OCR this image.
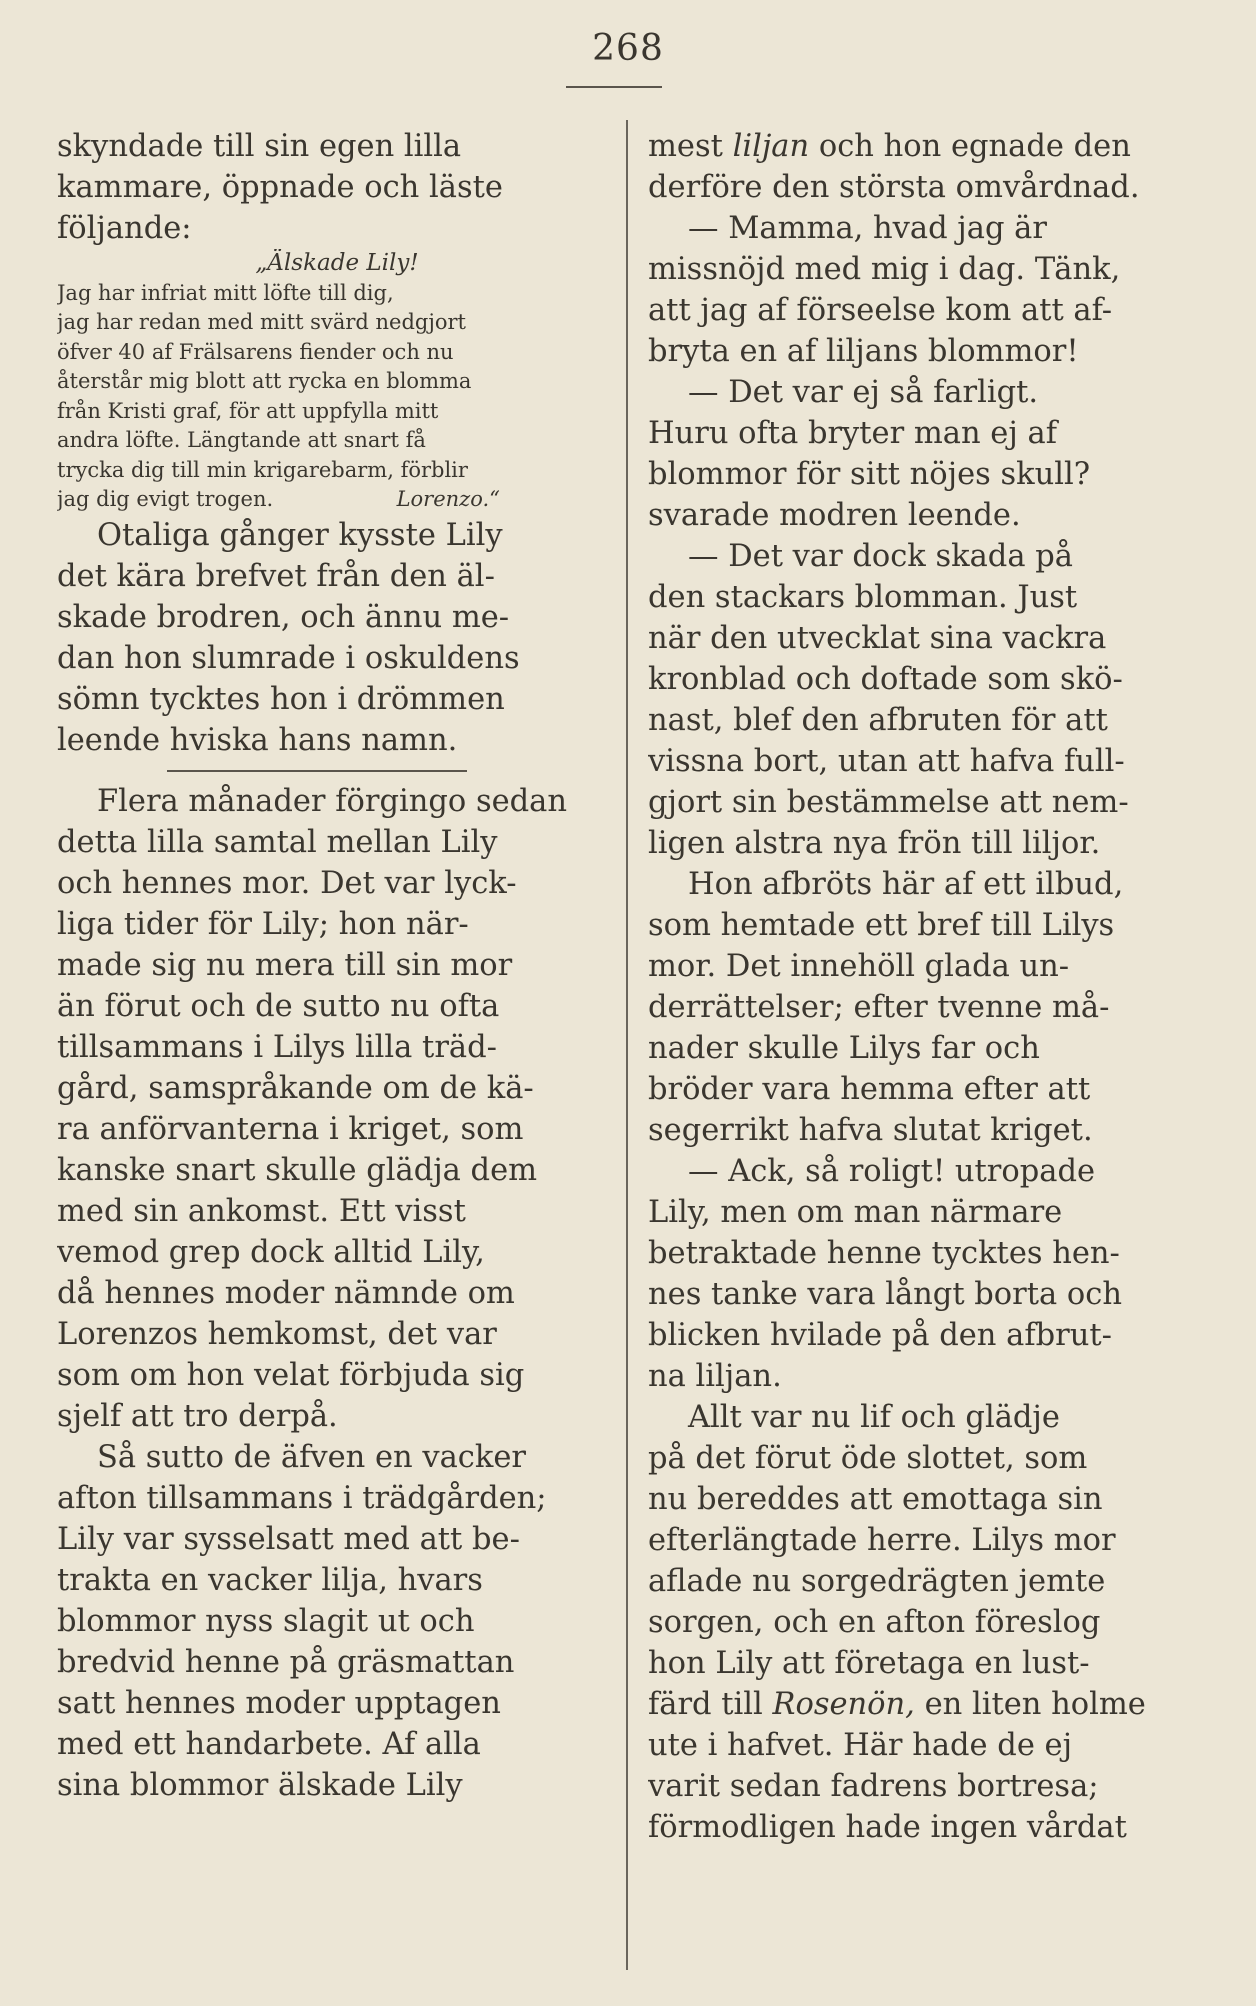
268
skyndade till sin egen lilla
kammare, öppnade och läste
följande:
„Älskade Lily!
Jag har infriat mitt löfte till dig,
jag har redan med mitt svärd nedgjort
öfver 40 af Frälsarens fiender och nu
återstår mig blott att rycka en blomma
från Kristi graf, för att uppfylla mitt
andra löfte. Längtande att snart få
trycka dig till min krigarebarm, förblir
jag dig evigt trogen.	Lorenzo.“
Otaliga gånger kysste Lily
det kära brefvet från den äl-
skade brodren, och ännu me-
dan hon slumrade i oskuldens
sömn tycktes hon i drömmen
leende hviska hans namn.
Flera månader förgingo sedan
detta lilla samtal mellan Lily
och hennes mor. Det var lyck-
liga tider för Lily; hon när-
made sig nu mera till sin mor
än förut och de sutto nu ofta
tillsammans i Lilys lilla träd-
gård, samspråkande om de kä-
ra anförvanterna i kriget, som
kanske snart skulle glädja dem
med sin ankomst. Ett visst
vemod grep dock alltid Lily,
då hennes moder nämnde om
Lorenzos hemkomst, det var
som om hon velat förbjuda sig
sjelf att tro derpå.
Så sutto de äfven en vacker
afton tillsammans i trädgården;
Lily var sysselsatt med att be-
trakta en vacker lilja, hvars
blommor nyss slagit ut och
bredvid henne på gräsmattan
satt hennes moder upptagen
med ett handarbete. Af alla
sina blommor älskade Lily
mest liljan och hon egnade den
derföre den största omvårdnad.
— Mamma, hvad jag är
missnöjd med mig i dag. Tänk,
att jag af förseelse kom att af-
bryta en af liljans blommor!
— Det var ej så farligt.
Huru ofta bryter man ej af
blommor för sitt nöjes skull?
svarade modren leende.
— Det var dock skada på
den stackars blomman. Just
när den utvecklat sina vackra
kronblad och doftade som skö-
nast, blef den afbruten för att
vissna bort, utan att hafva full-
gjort sin bestämmelse att nem-
ligen alstra nya frön till liljor.
Hon afbröts här af ett ilbud,
som hemtade ett bref till Lilys
mor. Det innehöll glada un-
derrättelser; efter tvenne må-
nader skulle Lilys far och
bröder vara hemma efter att
segerrikt hafva slutat kriget.
— Ack, så roligt! utropade
Lily, men om man närmare
betraktade henne tycktes hen-
nes tanke vara långt borta och
blicken hvilade på den afbrut-
na liljan.
Allt var nu lif och glädje
på det förut öde slottet, som
nu bereddes att emottaga sin
efterlängtade herre. Lilys mor
aflade nu sorgedrägten jemte
sorgen, och en afton föreslog
hon Lily att företaga en lust-
färd till Rosenön, en liten holme
ute i hafvet. Här hade de ej
varit sedan fadrens bortresa;
förmodligen hade ingen vårdat
